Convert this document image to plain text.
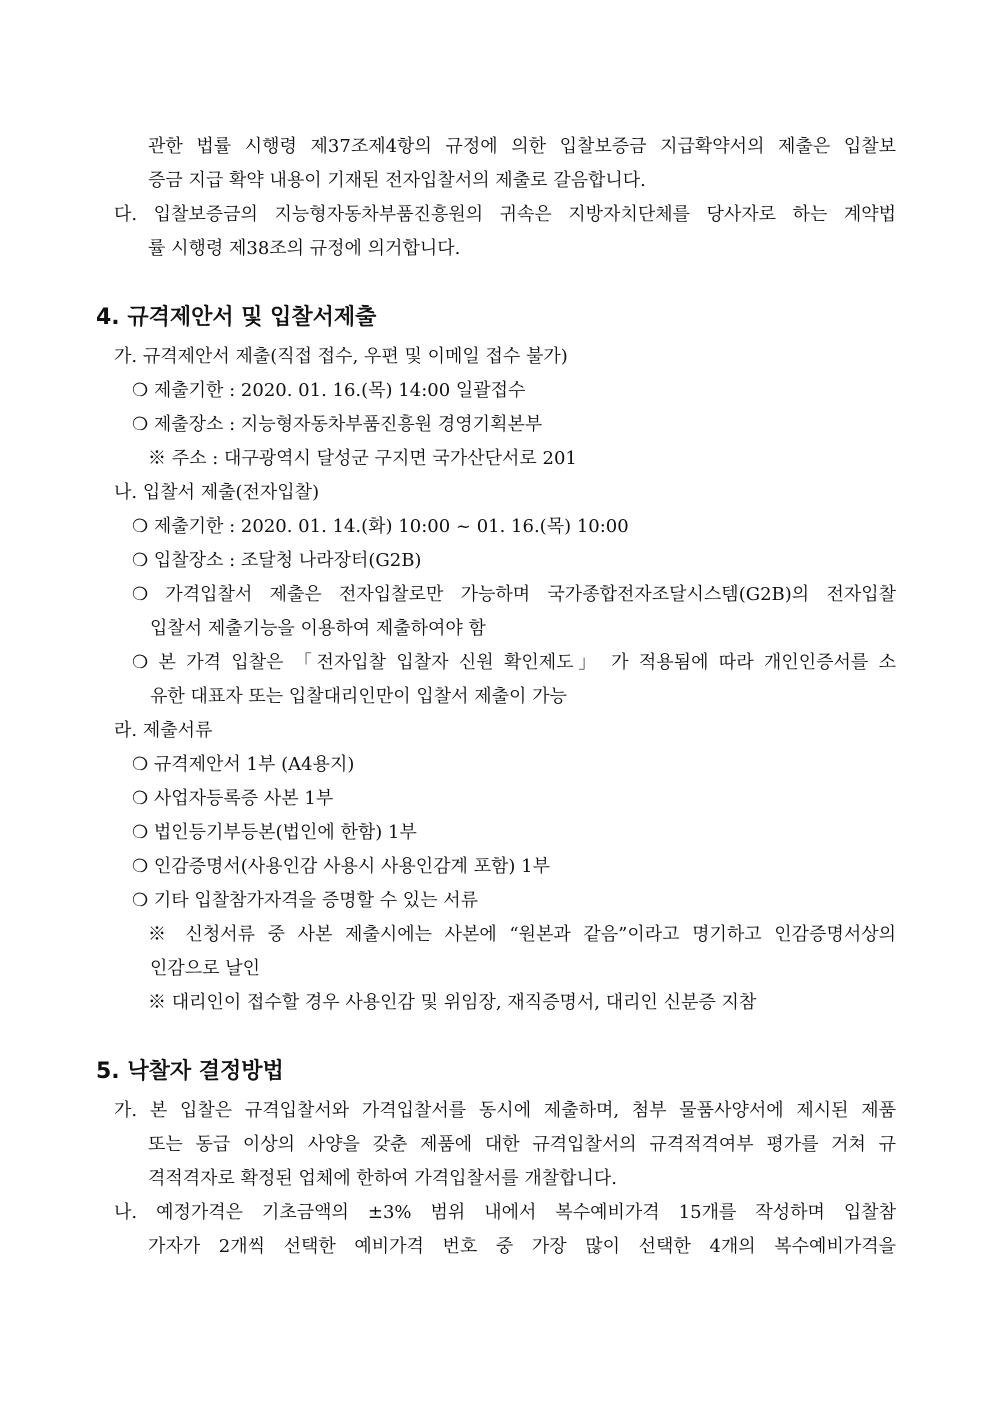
관한 법률 시행령 제37조제4항의 규정에 의한 입찰보증금 지급확약서의 제출은 입찰보
증금 지급 확약 내용이 기재된 전자입찰서의 제출로 갈음합니다.
다. 입찰보증금의 지능형자동차부품진흥원의 귀속은 지방자치단체를 당사자로 하는 계약법
률 시행령 제38조의 규정에 의거합니다.
4. 규격제안서 및 입찰서제출
가. 규격제안서 제출(직접 접수, 우편 및 이메일 접수 불가)
❍ 제출기한 : 2020. 01. 16.(목) 14:00 일괄접수
❍ 제출장소 : 지능형자동차부품진흥원 경영기획본부
※ 주소 : 대구광역시 달성군 구지면 국가산단서로 201
나. 입찰서 제출(전자입찰)
❍ 제출기한 : 2020. 01. 14.(화) 10:00 ~ 01. 16.(목) 10:00
❍ 입찰장소 : 조달청 나라장터(G2B)
❍ 가격입찰서 제출은 전자입찰로만 가능하며 국가종합전자조달시스템(G2B)의 전자입찰
입찰서 제출기능을 이용하여 제출하여야 함
❍ 본 가격 입찰은 「전자입찰 입찰자 신원 확인제도」 가 적용됨에 따라 개인인증서를 소
유한 대표자 또는 입찰대리인만이 입찰서 제출이 가능
라. 제출서류
❍ 규격제안서 1부 (A4용지)
❍ 사업자등록증 사본 1부
❍ 법인등기부등본(법인에 한함) 1부
❍ 인감증명서(사용인감 사용시 사용인감계 포함) 1부
❍ 기타 입찰참가자격을 증명할 수 있는 서류
※ 신청서류 중 사본 제출시에는 사본에 “원본과 같음”이라고 명기하고 인감증명서상의
인감으로 날인
※ 대리인이 접수할 경우 사용인감 및 위임장, 재직증명서, 대리인 신분증 지참
5. 낙찰자 결정방법
가. 본 입찰은 규격입찰서와 가격입찰서를 동시에 제출하며, 첨부 물품사양서에 제시된 제품
또는 동급 이상의 사양을 갖춘 제품에 대한 규격입찰서의 규격적격여부 평가를 거쳐 규
격적격자로 확정된 업체에 한하여 가격입찰서를 개찰합니다.
나. 예정가격은 기초금액의 ±3% 범위 내에서 복수예비가격 15개를 작성하며 입찰참
가자가 2개씩 선택한 예비가격 번호 중 가장 많이 선택한 4개의 복수예비가격을
